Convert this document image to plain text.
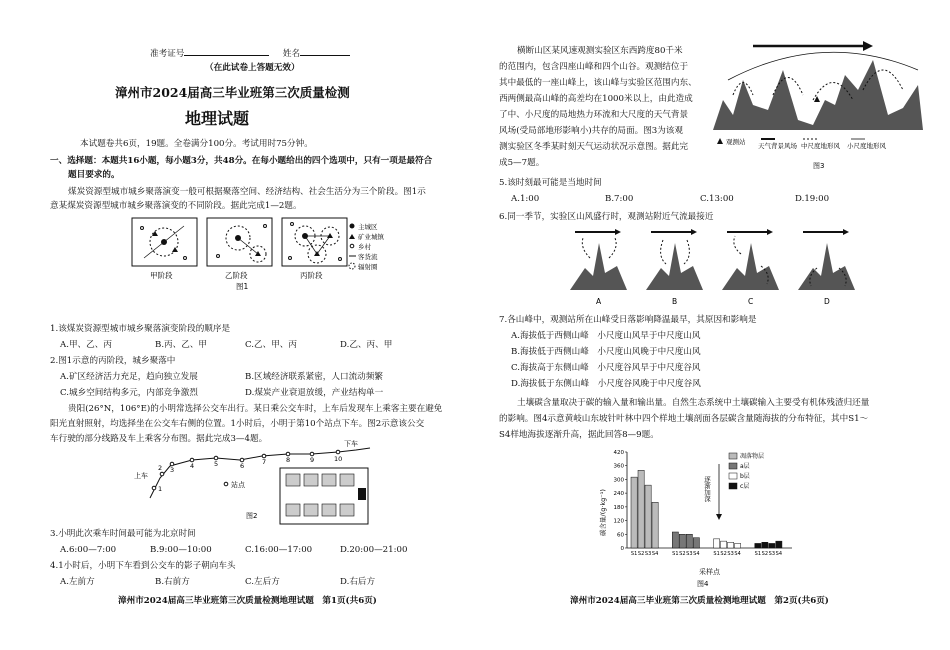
准考证号	姓名
（在此试卷上答题无效）
漳州市2024届高三毕业班第三次质量检测
地理试题
本试题卷共6页，19题。全卷满分100分。考试用时75分钟。
一、选择题：本题共16小题，每小题3分，共48分。在每小题给出的四个选项中，只有一项是最符合
题目要求的。
煤炭资源型城市城乡聚落演变一般可根据聚落空间、经济结构、社会生活分为三个阶段。图1示
意某煤炭资源型城市城乡聚落演变的不同阶段。据此完成1—2题。
甲阶段	乙阶段	丙阶段
图1
主城区
矿业城镇
乡村
客货流
辐射圈
1.该煤炭资源型城市城乡聚落演变阶段的顺序是
A.甲、乙、丙	B.丙、乙、甲	C.乙、甲、丙	D.乙、丙、甲
2.图1示意的丙阶段，城乡聚落中
A.矿区经济活力充足，趋向独立发展	B.区域经济联系紧密，人口流动频繁
C.城乡空间结构多元，内部竞争激烈	D.煤炭产业衰退放缓，产业结构单一
贵阳(26°N，106°E)的小明常选择公交车出行。某日乘公交车时，上车后发现车上乘客主要在避免
阳光直射照射，均选择坐在公交车右侧的位置。1小时后，小明于第10个站点下车。图2示意该公交
车行驶的部分线路及车上乘客分布图。据此完成3—4题。
1
2 3 4	5	6	7	8	9	10
上车
下车
站点
图2
3.小明此次乘车时间最可能为北京时间
A.6:00—7:00	B.9:00—10:00	C.16:00—17:00	D.20:00—21:00
4.1小时后，小明下车看到公交车的影子朝向车头
A.左前方	B.右前方	C.左后方	D.右后方
漳州市2024届高三毕业班第三次质量检测地理试题　第1页(共6页)
横断山区某风速观测实验区东西跨度80千米
的范围内，包含四座山峰和四个山谷。观测结位于
其中最低的一座山峰上，该山峰与实验区范围内东、
西两侧最高山峰的高差均在1000米以上，由此造成
了中、小尺度的局地热力环流和大尺度的天气背景
风场(受局部地形影响小)共存的局面。图3为该观
测实验区冬季某时刻天气运动状况示意图。据此完
成5—7题。
观测站 天气背景风场 中尺度地形风 小尺度地形风
图3
5.该时刻最可能是当地时间
A.1:00	B.7:00	C.13:00	D.19:00
6.同一季节，实验区山风盛行时，观测站附近气流最接近
A	B	C	D
7.各山峰中，观测站所在山峰受日落影响降温最早，其原因和影响是
A.海拔低于西侧山峰　 小尺度山风早于中尺度山风
B.海拔低于西侧山峰　 小尺度山风晚于中尺度山风
C.海拔高于东侧山峰　 小尺度谷风早于中尺度谷风
D.海拔低于东侧山峰　 小尺度谷风晚于中尺度谷风
土壤碳含量取决于碳的输入量和输出量。自然生态系统中土壤碳输入主要受有机体残渣归还量
的影响。图4示意黄岐山东坡针叶林中四个样地土壤剖面各层碳含量随海拔的分布特征，其中S1～
S4样地海拔逐渐升高，据此回答8—9题。
0
60
120
180
240
300
360
420
S1 S2 S3 S4	S1 S2 S3 S4	S1 S2 S3 S4	S1 S2 S3 S4
碳含量/(g·kg⁻¹)
采样点
图4
逐渐加深
凋落物层
a层
b层
c层
漳州市2024届高三毕业班第三次质量检测地理试题　第2页(共6页)
